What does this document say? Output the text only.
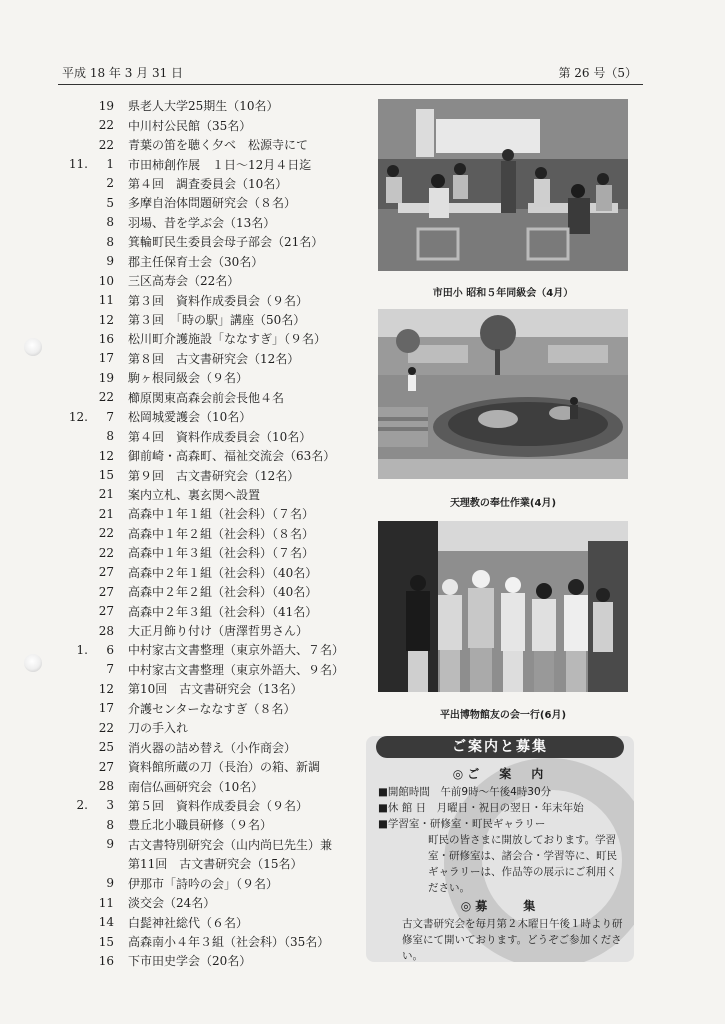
平成 18 年 3 月 31 日	第 26 号（5）
19 県老人大学25期生（10名）
22 中川村公民館（35名）
22 青葉の笛を聴く夕べ　松源寺にて
11.	1 市田柿創作展　１日～12月４日迄
2 第４回　調査委員会（10名）
5 多摩自治体問題研究会（８名）
8 羽場、昔を学ぶ会（13名）
8 箕輪町民生委員会母子部会（21名）
9 郡主任保育士会（30名）
10 三区高寿会（22名）
11 第３回　資料作成委員会（９名）
12 第３回　「時の駅」講座（50名）
16 松川町介護施設「ななすぎ」（９名）
17 第８回　古文書研究会（12名）
19 駒ヶ根同級会（９名）
22 櫛原関東高森会前会長他４名
12.	7 松岡城愛護会（10名）
8 第４回　資料作成委員会（10名）
12 御前崎・高森町、福祉交流会（63名）
15 第９回　古文書研究会（12名）
21 案内立札、裏玄関へ設置
21 高森中１年１組（社会科）（７名）
22 高森中１年２組（社会科）（８名）
22 高森中１年３組（社会科）（７名）
27 高森中２年１組（社会科）（40名）
27 高森中２年２組（社会科）（40名）
27 高森中２年３組（社会科）（41名）
28 大正月飾り付け（唐澤哲男さん）
1.	6 中村家古文書整理（東京外語大、７名）
7 中村家古文書整理（東京外語大、９名）
12 第10回　古文書研究会（13名）
17 介護センターななすぎ（８名）
22 刀の手入れ
25 消火器の詰め替え（小作商会）
27 資料館所蔵の刀（長治）の箱、新調
28 南信仏画研究会（10名）
2.	3 第５回　資料作成委員会（９名）
8 豊丘北小職員研修（９名）
9 古文書特別研究会（山内尚巳先生）兼
第11回　古文書研究会（15名）
9 伊那市「詩吟の会」（９名）
11 淡交会（24名）
14 白髭神社総代（６名）
15 高森南小４年３組（社会科）（35名）
16 下市田史学会（20名）
市田小 昭和５年同級会（4月）
天理教の奉仕作業(4月)
平出博物館友の会一行(6月)
ご案内と募集
◎ご　案　内
■開館時間　午前9時～午後4時30分
■休 館 日　月曜日・祝日の翌日・年末年始
■学習室・研修室・町民ギャラリー
町民の皆さまに開放しております。学習室・研修室は、諸会合・学習等に、町民ギャラリーは、作品等の展示にご利用ください。
◎募　　集
古文書研究会を毎月第２木曜日午後１時より研修室にて開いております。どうぞご参加ください。
